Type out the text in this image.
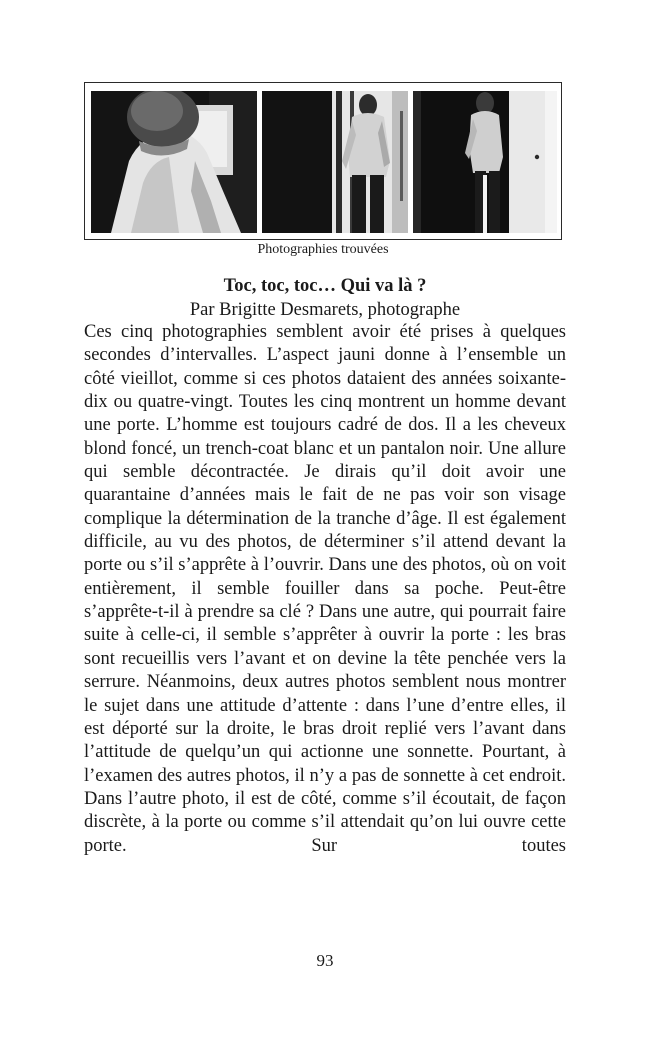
Photographies trouvées
Toc, toc, toc… Qui va là ?
Par Brigitte Desmarets, photographe

Ces cinq photographies semblent avoir été prises à quelques secondes d’intervalles. L’aspect jauni donne à l’ensemble un côté vieillot, comme si ces photos dataient des années soixante-dix ou quatre-vingt. Toutes les cinq montrent un homme devant une porte. L’homme est toujours cadré de dos. Il a les cheveux blond foncé, un trench-coat blanc et un pantalon noir. Une allure qui semble décontractée. Je dirais qu’il doit avoir une quarantaine d’années mais le fait de ne pas voir son visage complique la détermination de la tranche d’âge. Il est également difficile, au vu des photos, de déterminer s’il attend devant la porte ou s’il s’apprête à l’ouvrir. Dans une des photos, où on voit entièrement, il semble fouiller dans sa poche. Peut-être s’apprête-t-il à prendre sa clé ? Dans une autre, qui pourrait faire suite à celle-ci, il semble s’apprêter à ouvrir la porte : les bras sont recueillis vers l’avant et on devine la tête penchée vers la serrure. Néanmoins, deux autres photos semblent nous montrer le sujet dans une attitude d’attente : dans l’une d’entre elles, il est déporté sur la droite, le bras droit replié vers l’avant dans l’attitude de quelqu’un qui actionne une sonnette. Pourtant, à l’examen des autres photos, il n’y a pas de sonnette à cet endroit. Dans l’autre photo, il est de côté, comme s’il écoutait, de façon discrète, à la porte ou comme s’il attendait qu’on lui ouvre cette porte. Sur toutes

93
